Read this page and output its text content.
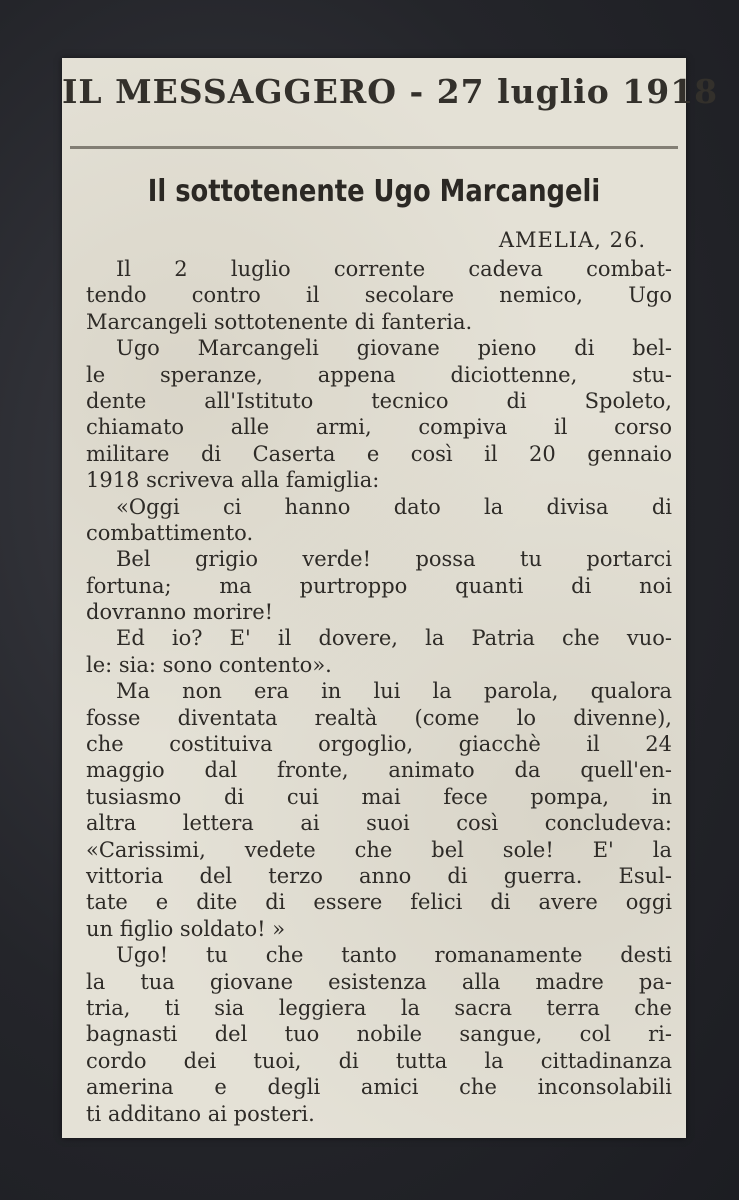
IL MESSAGGERO - 27 luglio 1918
Il sottotenente Ugo Marcangeli
AMELIA, 26.
Il 2 luglio corrente cadeva combat-
tendo contro il secolare nemico, Ugo
Marcangeli sottotenente di fanteria.
Ugo Marcangeli giovane pieno di bel-
le speranze, appena diciottenne, stu-
dente all'Istituto tecnico di Spoleto,
chiamato alle armi, compiva il corso
militare di Caserta e così il 20 gennaio
1918 scriveva alla famiglia:
«Oggi ci hanno dato la divisa di
combattimento.
Bel grigio verde! possa tu portarci
fortuna; ma purtroppo quanti di noi
dovranno morire!
Ed io? E' il dovere, la Patria che vuo-
le: sia: sono contento».
Ma non era in lui la parola, qualora
fosse diventata realtà (come lo divenne),
che costituiva orgoglio, giacchè il 24
maggio dal fronte, animato da quell'en-
tusiasmo di cui mai fece pompa, in
altra lettera ai suoi così concludeva:
«Carissimi, vedete che bel sole! E' la
vittoria del terzo anno di guerra. Esul-
tate e dite di essere felici di avere oggi
un figlio soldato! »
Ugo! tu che tanto romanamente desti
la tua giovane esistenza alla madre pa-
tria, ti sia leggiera la sacra terra che
bagnasti del tuo nobile sangue, col ri-
cordo dei tuoi, di tutta la cittadinanza
amerina e degli amici che inconsolabili
ti additano ai posteri.
